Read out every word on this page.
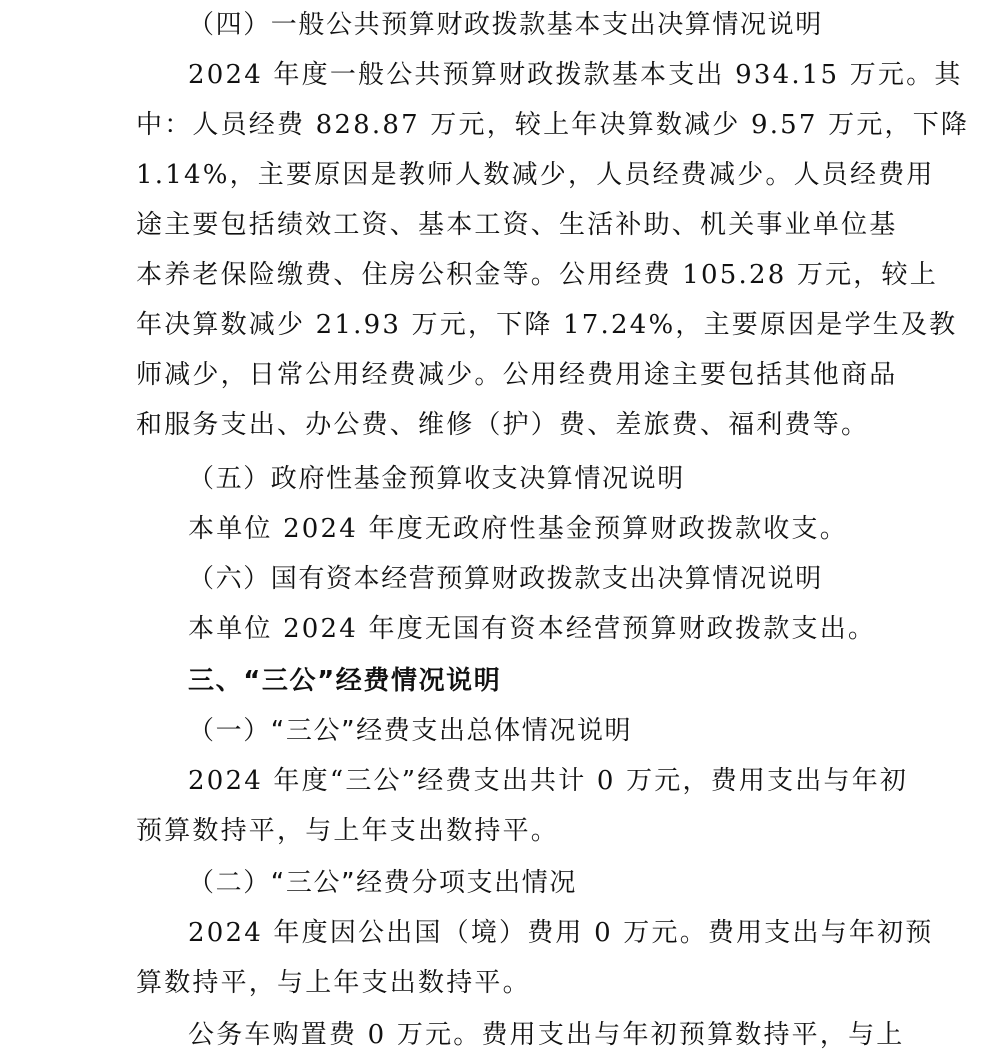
（四）一般公共预算财政拨款基本支出决算情况说明
2024 年度一般公共预算财政拨款基本支出 934.15 万元。其
中：人员经费 828.87 万元，较上年决算数减少 9.57 万元，下降
1.14%，主要原因是教师人数减少，人员经费减少。人员经费用
途主要包括绩效工资、基本工资、生活补助、机关事业单位基
本养老保险缴费、住房公积金等。公用经费 105.28 万元，较上
年决算数减少 21.93 万元，下降 17.24%，主要原因是学生及教
师减少，日常公用经费减少。公用经费用途主要包括其他商品
和服务支出、办公费、维修（护）费、差旅费、福利费等。
（五）政府性基金预算收支决算情况说明
本单位 2024 年度无政府性基金预算财政拨款收支。
（六）国有资本经营预算财政拨款支出决算情况说明
本单位 2024 年度无国有资本经营预算财政拨款支出。
三、“三公”经费情况说明
（一）“三公”经费支出总体情况说明
2024 年度“三公”经费支出共计 0 万元，费用支出与年初
预算数持平，与上年支出数持平。
（二）“三公”经费分项支出情况
2024 年度因公出国（境）费用 0 万元。费用支出与年初预
算数持平，与上年支出数持平。
公务车购置费 0 万元。费用支出与年初预算数持平，与上
